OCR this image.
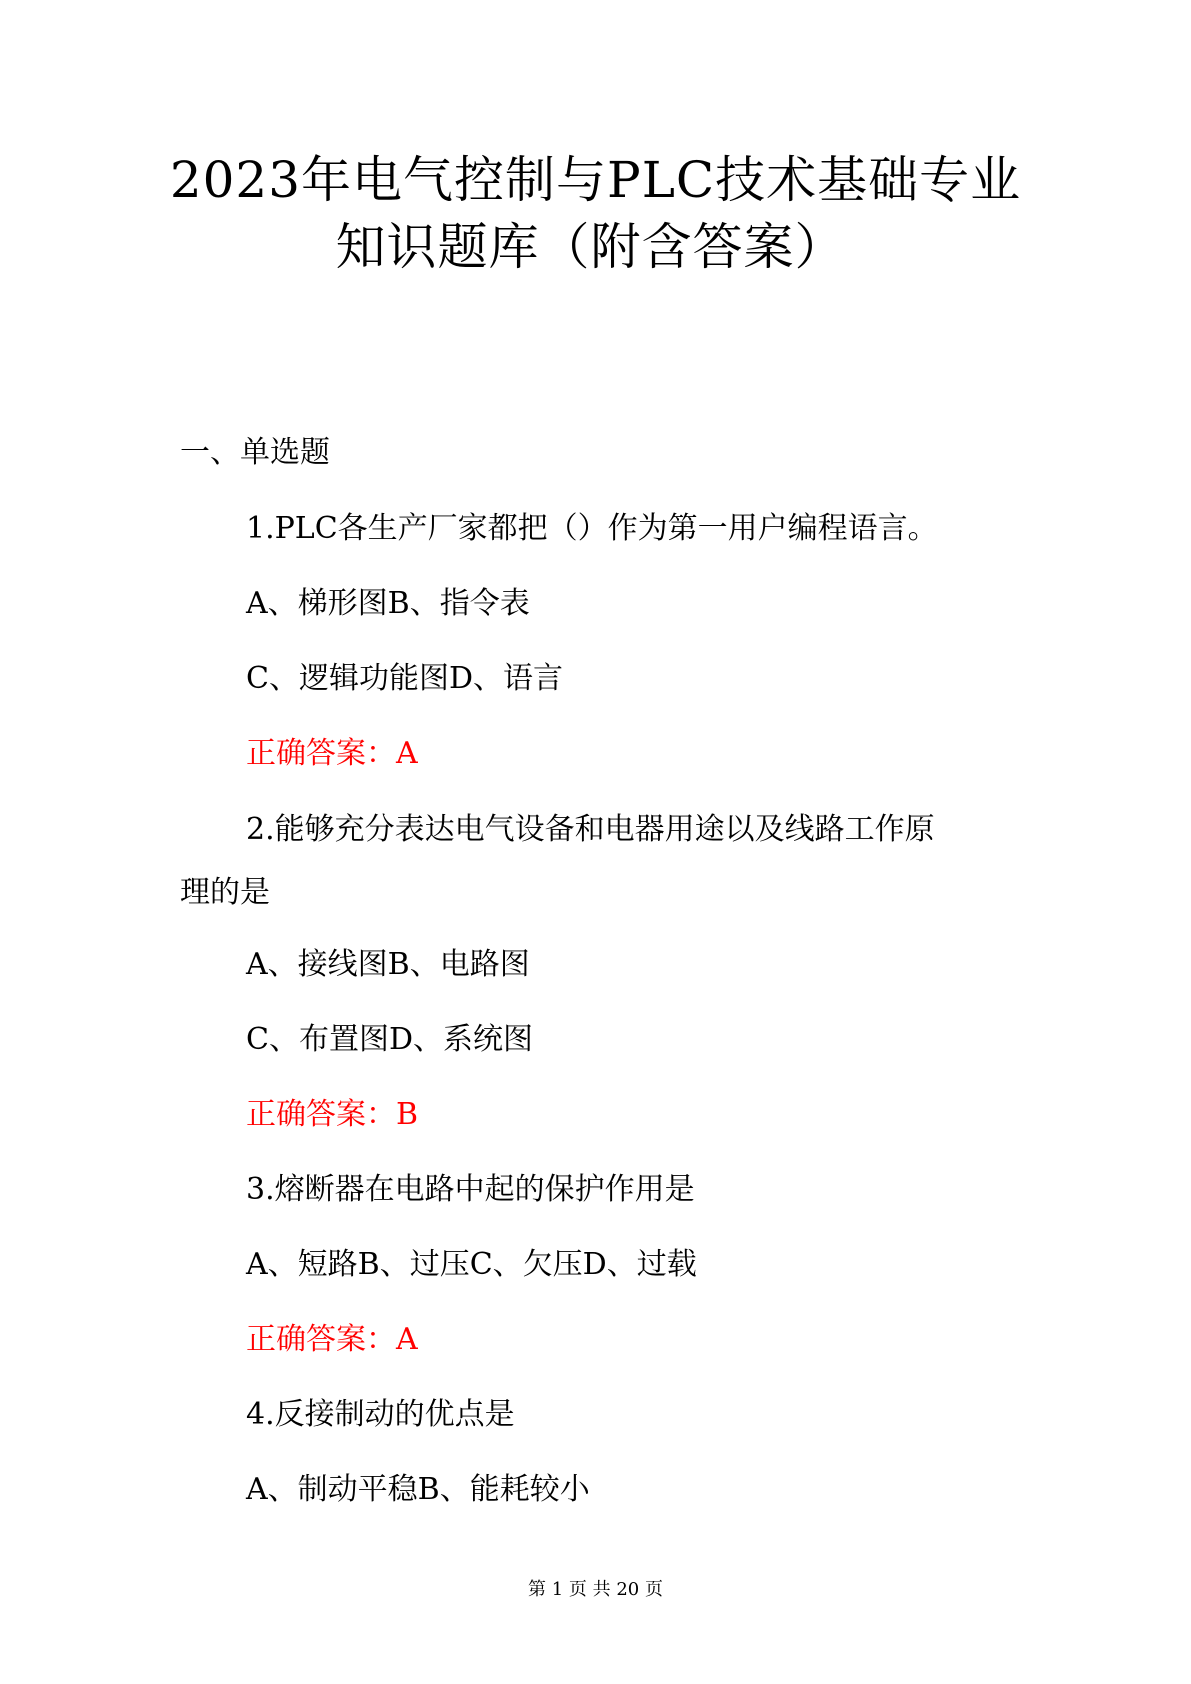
2023年电气控制与PLC技术基础专业
知识题库（附含答案）
一、单选题
1.PLC各生产厂家都把（）作为第一用户编程语言。
A、梯形图B、指令表
C、逻辑功能图D、语言
正确答案：A
2.能够充分表达电气设备和电器用途以及线路工作原
理的是
A、接线图B、电路图
C、布置图D、系统图
正确答案：B
3.熔断器在电路中起的保护作用是
A、短路B、过压C、欠压D、过载
正确答案：A
4.反接制动的优点是
A、制动平稳B、能耗较小
第 1 页 共 20 页
